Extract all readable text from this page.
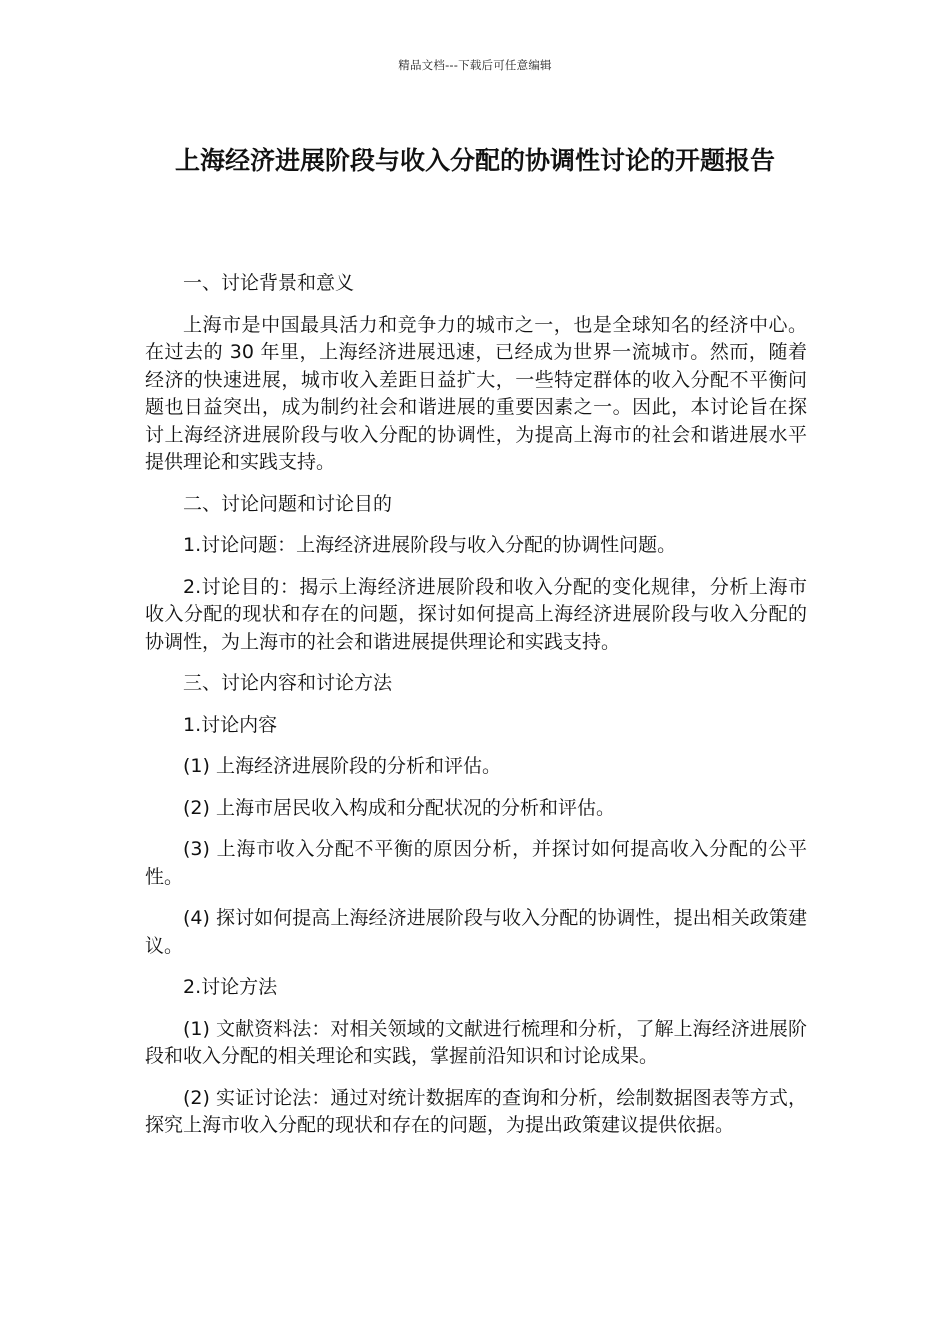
精品文档---下载后可任意编辑
上海经济进展阶段与收入分配的协调性讨论的开题报告

一、讨论背景和意义

上海市是中国最具活力和竞争力的城市之一，也是全球知名的经济中心。在过去的 30 年里，上海经济进展迅速，已经成为世界一流城市。然而，随着经济的快速进展，城市收入差距日益扩大，一些特定群体的收入分配不平衡问题也日益突出，成为制约社会和谐进展的重要因素之一。因此，本讨论旨在探讨上海经济进展阶段与收入分配的协调性，为提高上海市的社会和谐进展水平提供理论和实践支持。

二、讨论问题和讨论目的

1.讨论问题：上海经济进展阶段与收入分配的协调性问题。

2.讨论目的：揭示上海经济进展阶段和收入分配的变化规律，分析上海市收入分配的现状和存在的问题，探讨如何提高上海经济进展阶段与收入分配的协调性，为上海市的社会和谐进展提供理论和实践支持。

三、讨论内容和讨论方法

1.讨论内容

(1) 上海经济进展阶段的分析和评估。

(2) 上海市居民收入构成和分配状况的分析和评估。

(3) 上海市收入分配不平衡的原因分析，并探讨如何提高收入分配的公平性。

(4) 探讨如何提高上海经济进展阶段与收入分配的协调性，提出相关政策建议。

2.讨论方法

(1) 文献资料法：对相关领域的文献进行梳理和分析，了解上海经济进展阶段和收入分配的相关理论和实践，掌握前沿知识和讨论成果。

(2) 实证讨论法：通过对统计数据库的查询和分析，绘制数据图表等方式，探究上海市收入分配的现状和存在的问题，为提出政策建议提供依据。
